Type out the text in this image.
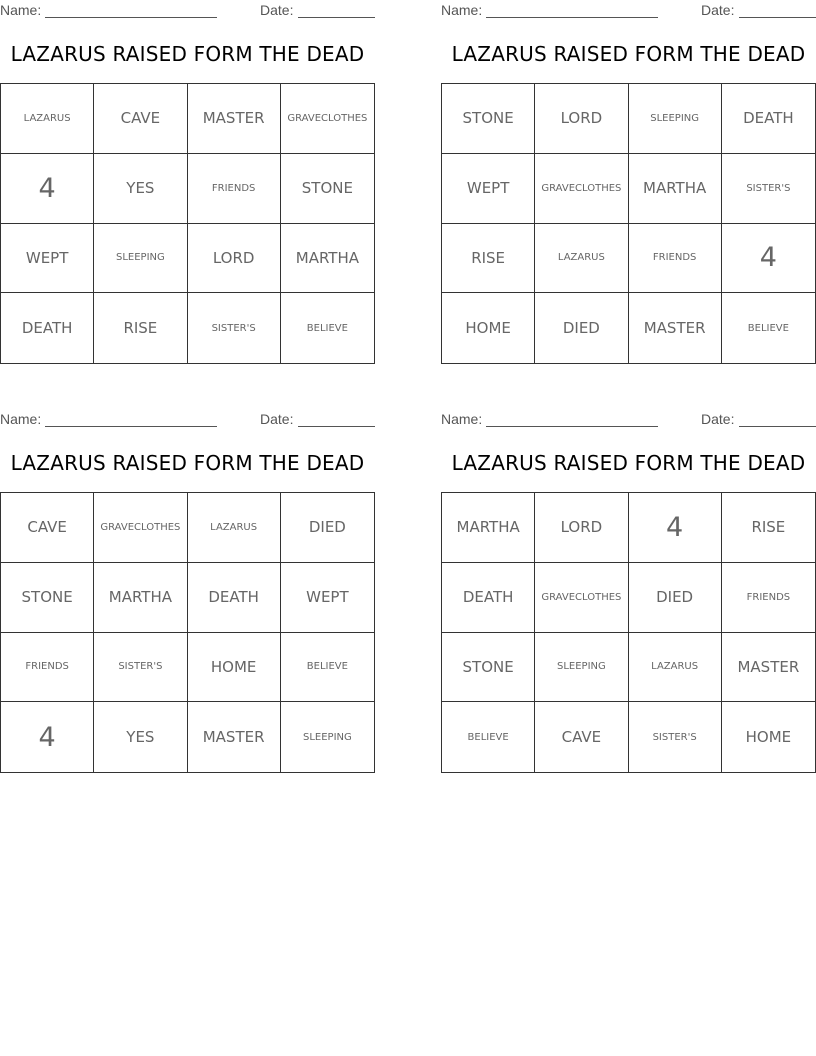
Name:	Date:
LAZARUS RAISED FORM THE DEAD
LAZARUS	CAVE	MASTER	GRAVECLOTHES
4	YES	FRIENDS	STONE
WEPT	SLEEPING	LORD	MARTHA
DEATH	RISE	SISTER'S	BELIEVE
Name:	Date:
LAZARUS RAISED FORM THE DEAD
STONE	LORD	SLEEPING	DEATH
WEPT	GRAVECLOTHES	MARTHA	SISTER'S
RISE	LAZARUS	FRIENDS	4
HOME	DIED	MASTER	BELIEVE
Name:	Date:
LAZARUS RAISED FORM THE DEAD
CAVE	GRAVECLOTHES	LAZARUS	DIED
STONE	MARTHA	DEATH	WEPT
FRIENDS	SISTER'S	HOME	BELIEVE
4	YES	MASTER	SLEEPING
Name:	Date:
LAZARUS RAISED FORM THE DEAD
MARTHA	LORD	4	RISE
DEATH	GRAVECLOTHES	DIED	FRIENDS
STONE	SLEEPING	LAZARUS	MASTER
BELIEVE	CAVE	SISTER'S	HOME
